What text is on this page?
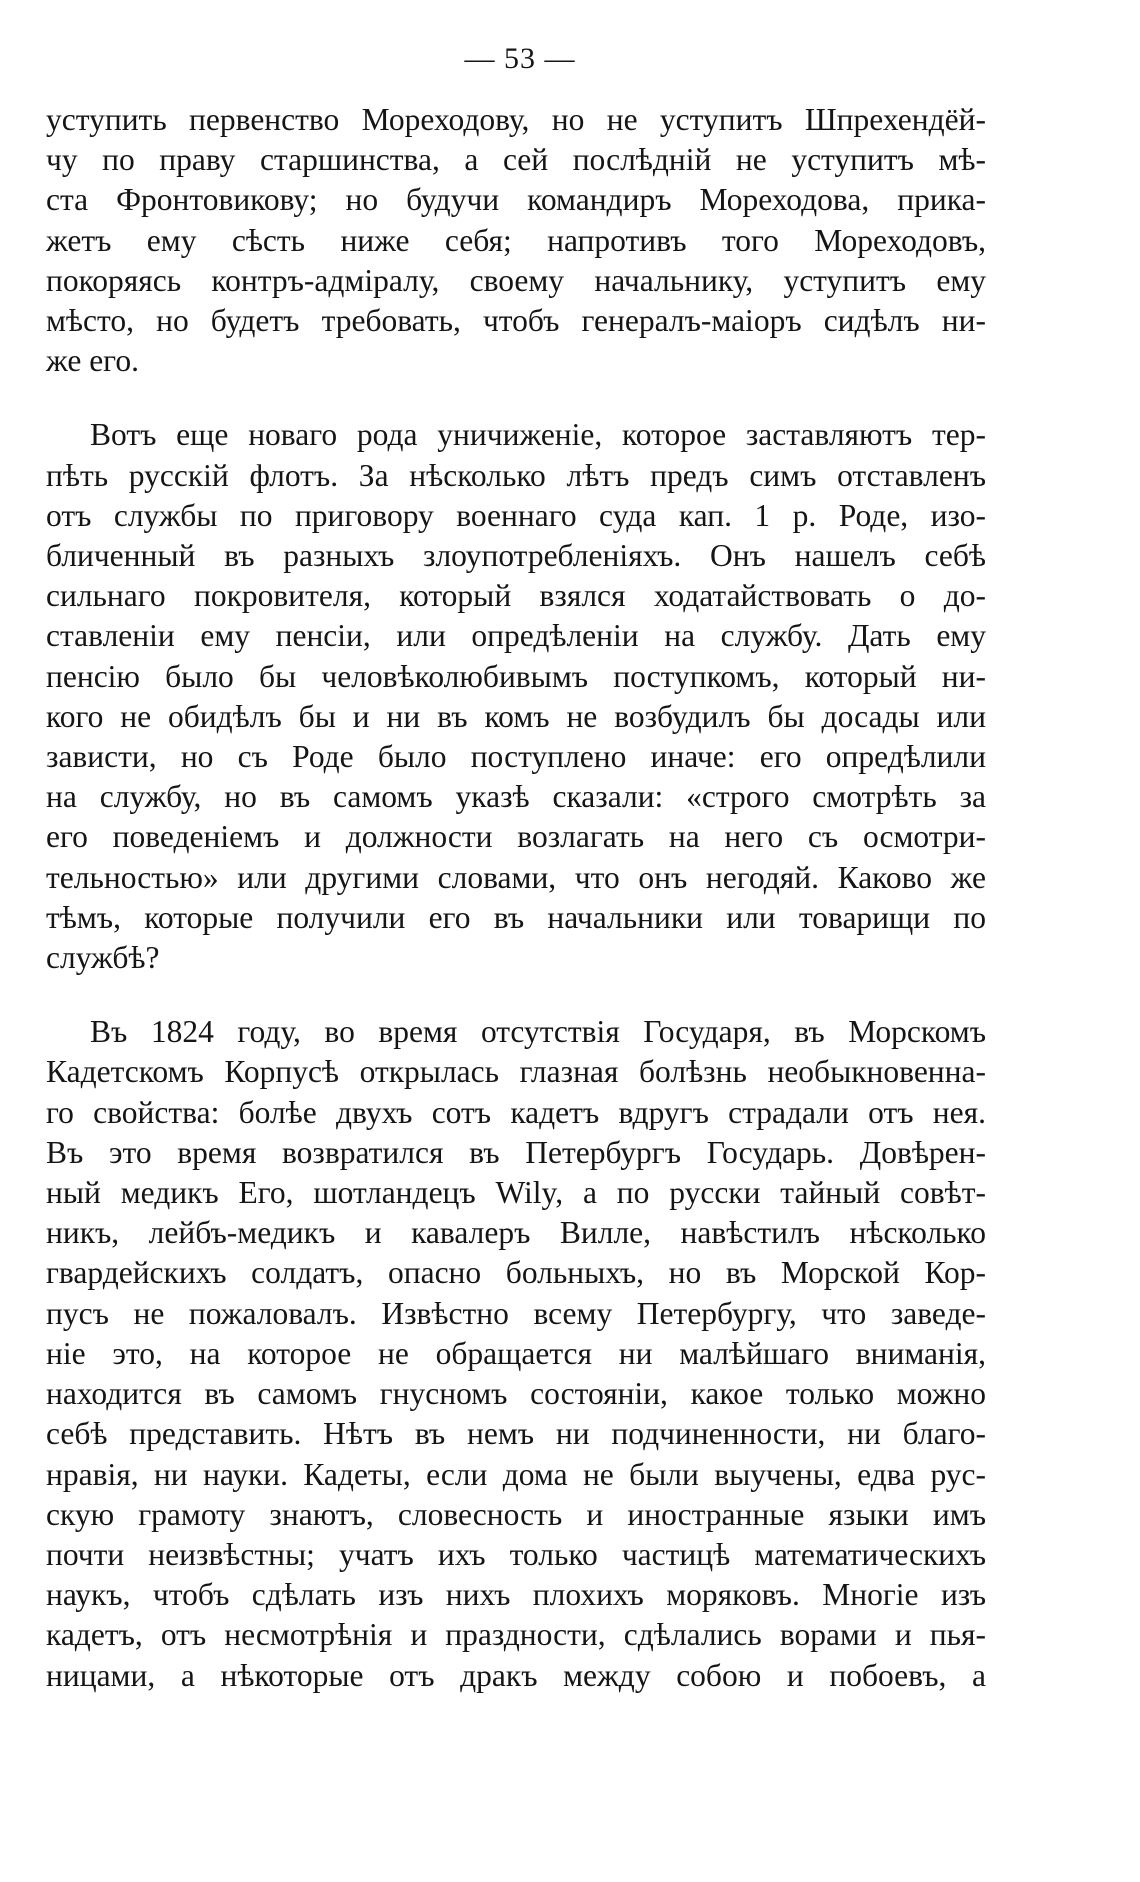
— 53 —
уступить первенство Мореходову, но не уступитъ Шпрехендёй-
чу по праву старшинства, а сей послѣдній не уступитъ мѣ-
ста Фронтовикову; но будучи командиръ Мореходова, прика-
жетъ ему сѣсть ниже себя; напротивъ того Мореходовъ,
покоряясь контръ-адміралу, своему начальнику, уступитъ ему
мѣсто, но будетъ требовать, чтобъ генералъ-маіоръ сидѣлъ ни-
же его.
Вотъ еще новаго рода уничиженіе, которое заставляютъ тер-
пѣть русскій флотъ. За нѣсколько лѣтъ предъ симъ отставленъ
отъ службы по приговору военнаго суда кап. 1 р. Роде, изо-
бличенный въ разныхъ злоупотребленіяхъ. Онъ нашелъ себѣ
сильнаго покровителя, который взялся ходатайствовать о до-
ставленіи ему пенсіи, или опредѣленіи на службу. Дать ему
пенсію было бы человѣколюбивымъ поступкомъ, который ни-
кого не обидѣлъ бы и ни въ комъ не возбудилъ бы досады или
зависти, но съ Роде было поступлено иначе: его опредѣлили
на службу, но въ самомъ указѣ сказали: «строго смотрѣть за
его поведеніемъ и должности возлагать на него съ осмотри-
тельностью» или другими словами, что онъ негодяй. Каково же
тѣмъ, которые получили его въ начальники или товарищи по
службѣ?
Въ 1824 году, во время отсутствія Государя, въ Морскомъ
Кадетскомъ Корпусѣ открылась глазная болѣзнь необыкновенна-
го свойства: болѣе двухъ сотъ кадетъ вдругъ страдали отъ нея.
Въ это время возвратился въ Петербургъ Государь. Довѣрен-
ный медикъ Его, шотландецъ Wily, а по русски тайный совѣт-
никъ, лейбъ-медикъ и кавалеръ Вилле, навѣстилъ нѣсколько
гвардейскихъ солдатъ, опасно больныхъ, но въ Морской Кор-
пусъ не пожаловалъ. Извѣстно всему Петербургу, что заведе-
ніе это, на которое не обращается ни малѣйшаго вниманія,
находится въ самомъ гнусномъ состояніи, какое только можно
себѣ представить. Нѣтъ въ немъ ни подчиненности, ни благо-
нравія, ни науки. Кадеты, если дома не были выучены, едва рус-
скую грамоту знаютъ, словесность и иностранные языки имъ
почти неизвѣстны; учатъ ихъ только частицѣ математическихъ
наукъ, чтобъ сдѣлать изъ нихъ плохихъ моряковъ. Многіе изъ
кадетъ, отъ несмотрѣнія и праздности, сдѣлались ворами и пья-
ницами, а нѣкоторые отъ дракъ между собою и побоевъ, а
